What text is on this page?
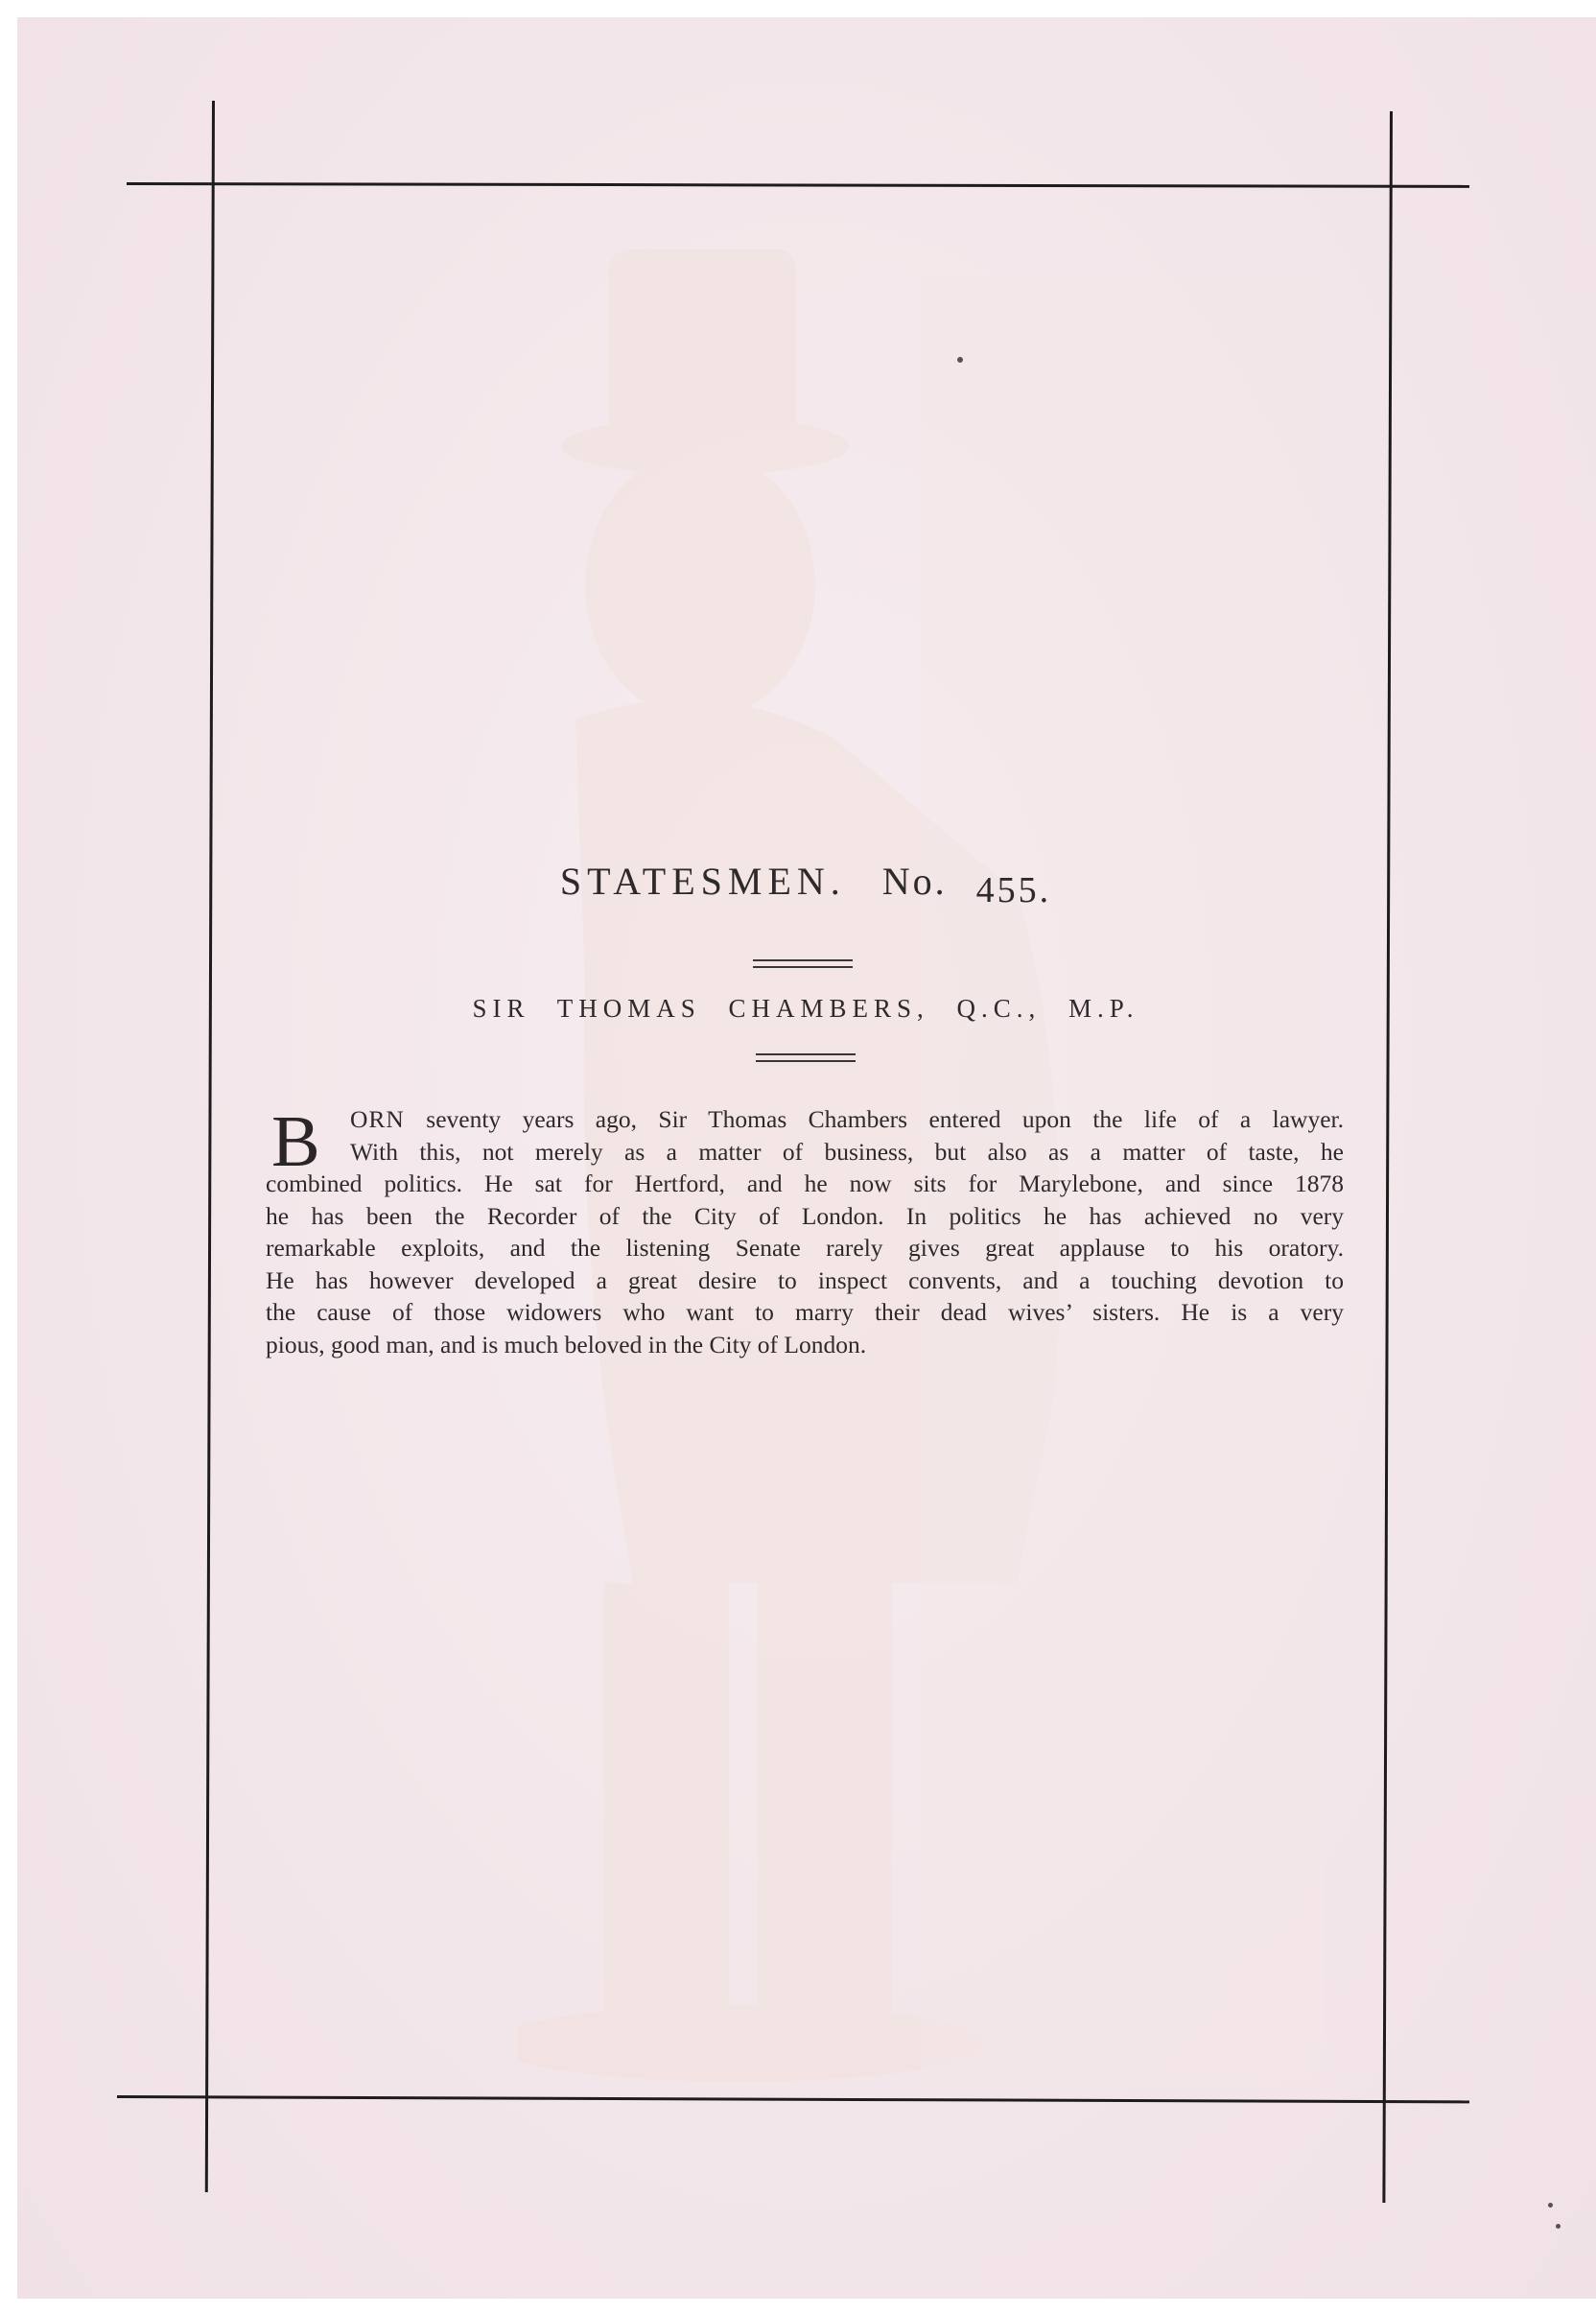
STATESMEN. No. 455.
SIR THOMAS CHAMBERS, Q.C., M.P.
B	ORN seventy years ago, Sir Thomas Chambers entered upon the life of a lawyer.
With this, not merely as a matter of business, but also as a matter of taste, he
combined politics. He sat for Hertford, and he now sits for Marylebone, and since 1878
he has been the Recorder of the City of London. In politics he has achieved no very
remarkable exploits, and the listening Senate rarely gives great applause to his oratory.
He has however developed a great desire to inspect convents, and a touching devotion to
the cause of those widowers who want to marry their dead wives’ sisters. He is a very
pious, good man, and is much beloved in the City of London.
